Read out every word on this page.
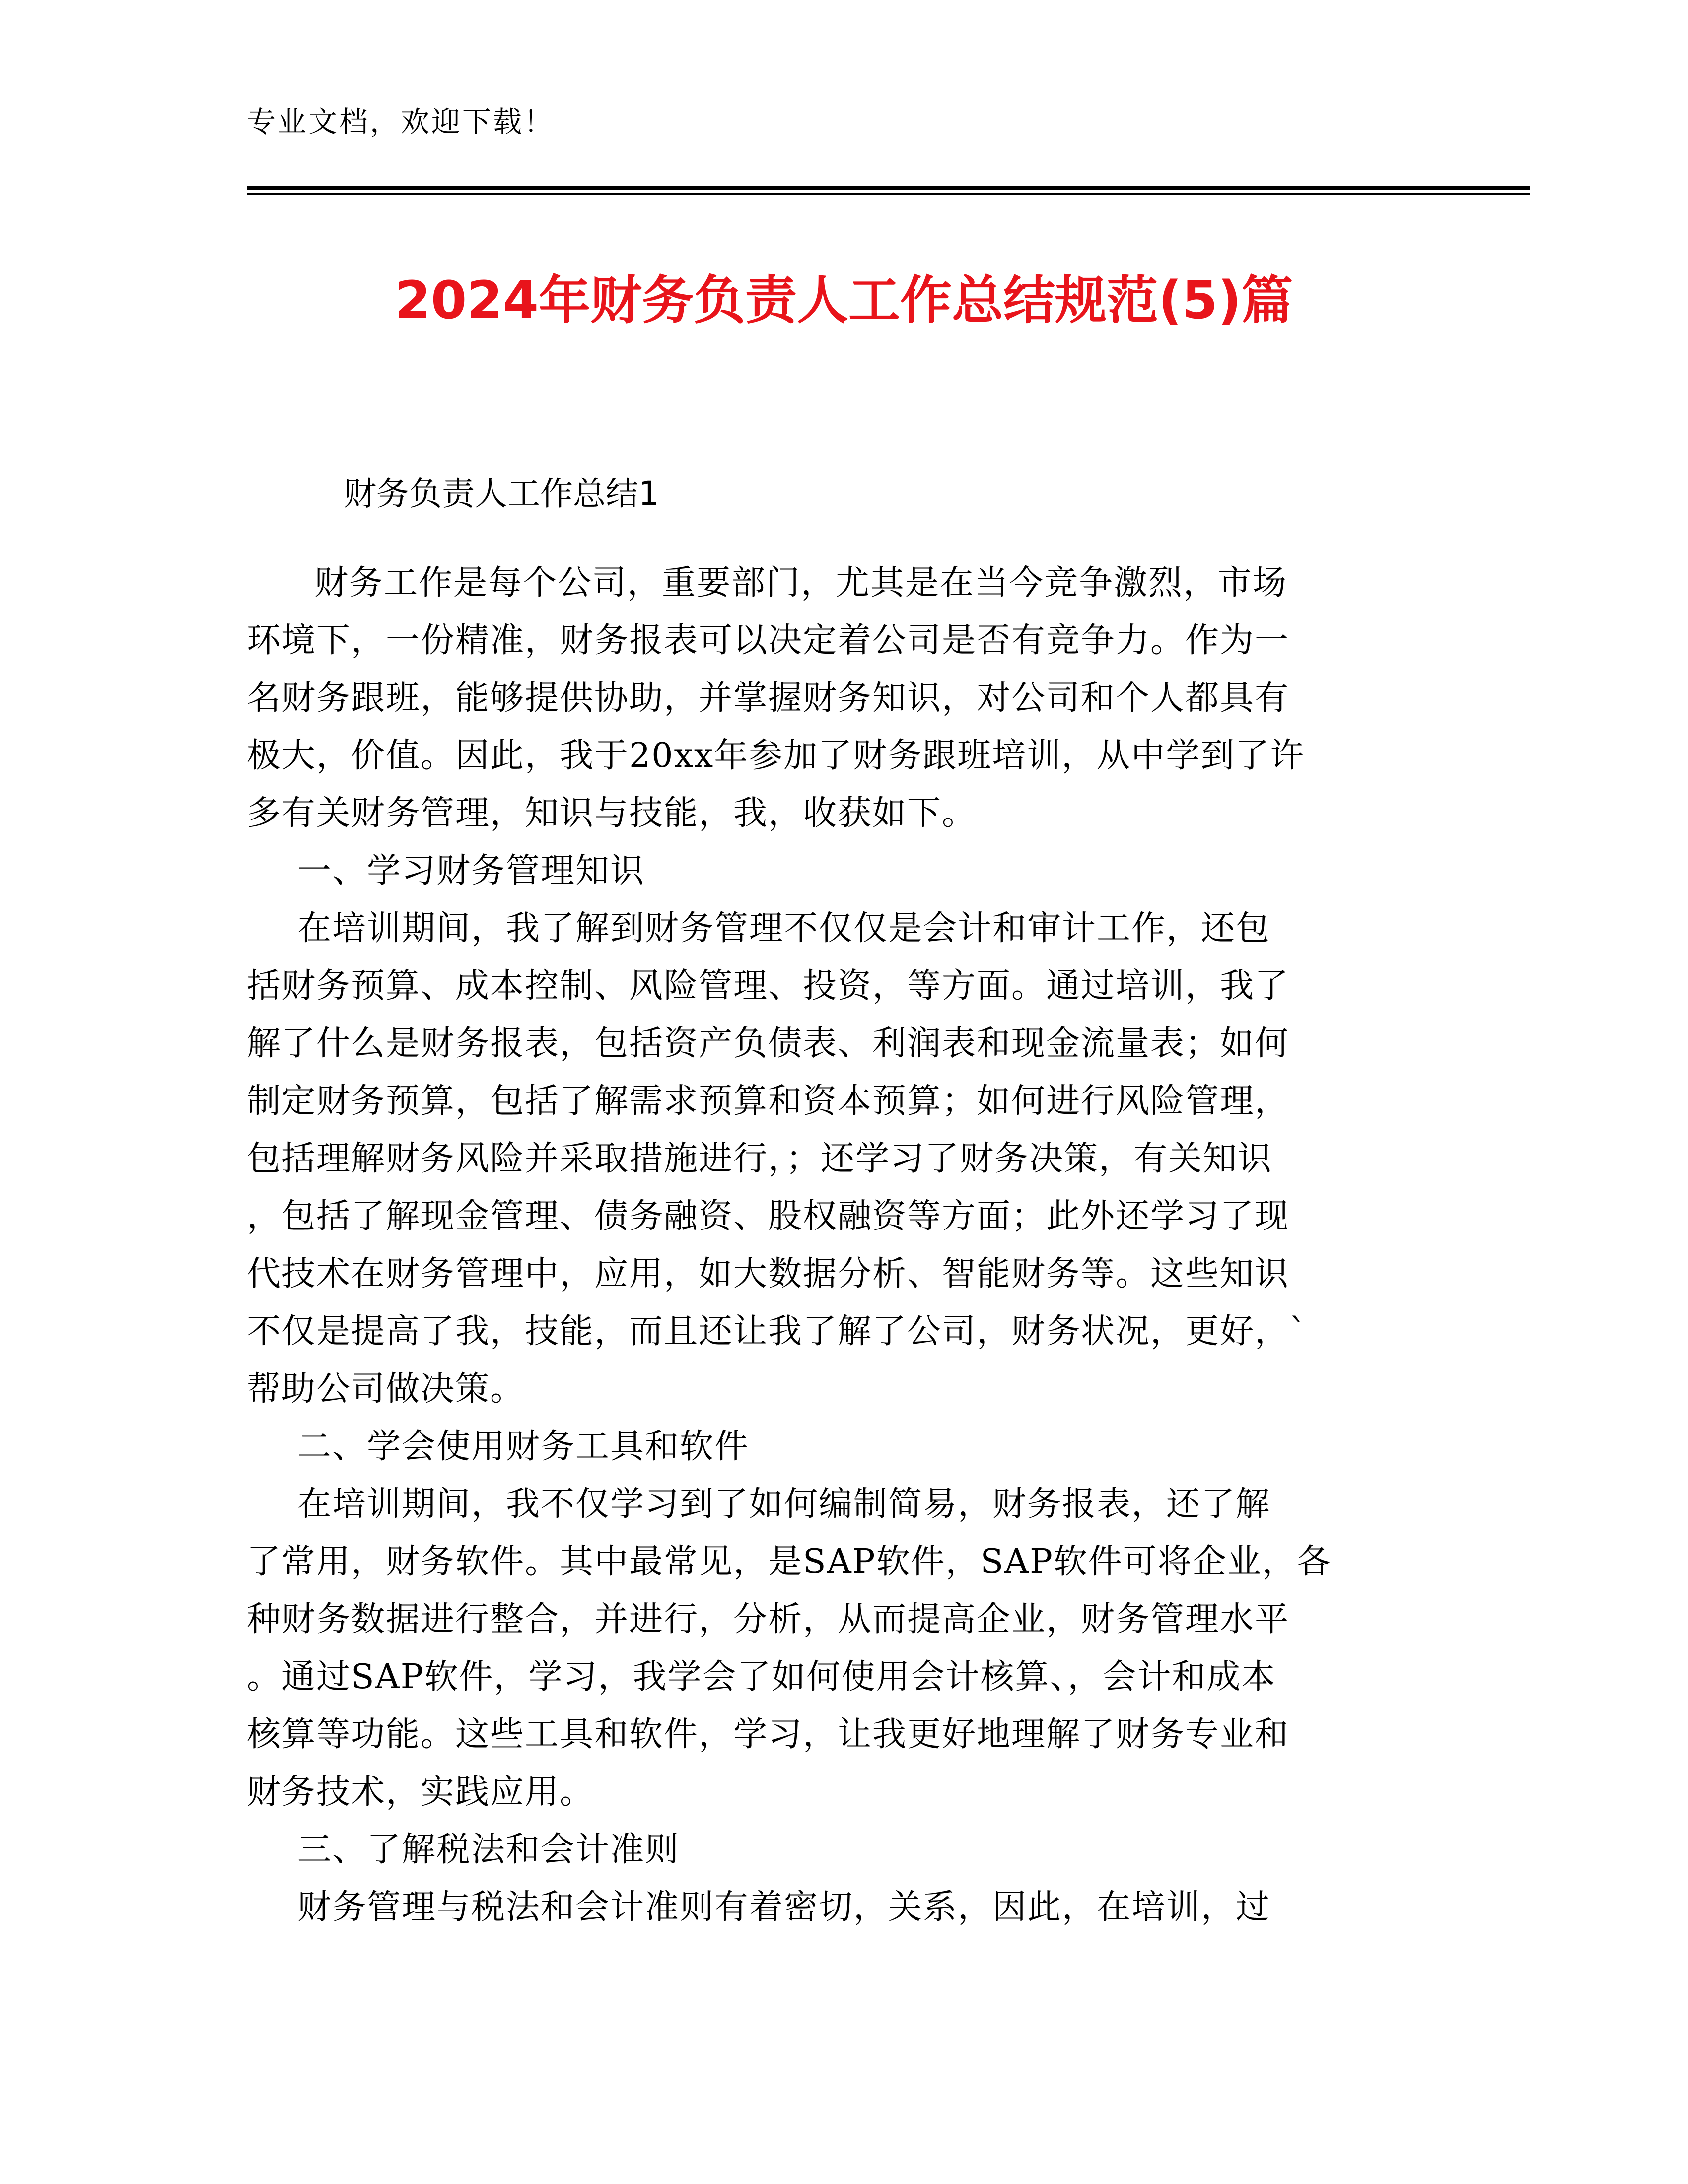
专业文档，欢迎下载！
2024年财务负责人工作总结规范(5)篇
财务负责人工作总结1
财务工作是每个公司，重要部门，尤其是在当今竞争激烈，市场
环境下，一份精准，财务报表可以决定着公司是否有竞争力。作为一
名财务跟班，能够提供协助，并掌握财务知识，对公司和个人都具有
极大，价值。因此，我于20xx年参加了财务跟班培训，从中学到了许
多有关财务管理，知识与技能，我，收获如下。
一、学习财务管理知识
在培训期间，我了解到财务管理不仅仅是会计和审计工作，还包
括财务预算、成本控制、风险管理、投资，等方面。通过培训，我了
解了什么是财务报表，包括资产负债表、利润表和现金流量表；如何
制定财务预算，包括了解需求预算和资本预算；如何进行风险管理，
包括理解财务风险并采取措施进行，；还学习了财务决策，有关知识
，包括了解现金管理、债务融资、股权融资等方面；此外还学习了现
代技术在财务管理中，应用，如大数据分析、智能财务等。这些知识
不仅是提高了我，技能，而且还让我了解了公司，财务状况，更好，`
帮助公司做决策。
二、学会使用财务工具和软件
在培训期间，我不仅学习到了如何编制简易，财务报表，还了解
了常用，财务软件。其中最常见，是SAP软件，SAP软件可将企业，各
种财务数据进行整合，并进行，分析，从而提高企业，财务管理水平
。通过SAP软件，学习，我学会了如何使用会计核算、，会计和成本
核算等功能。这些工具和软件，学习，让我更好地理解了财务专业和
财务技术，实践应用。
三、了解税法和会计准则
财务管理与税法和会计准则有着密切，关系，因此，在培训，过
